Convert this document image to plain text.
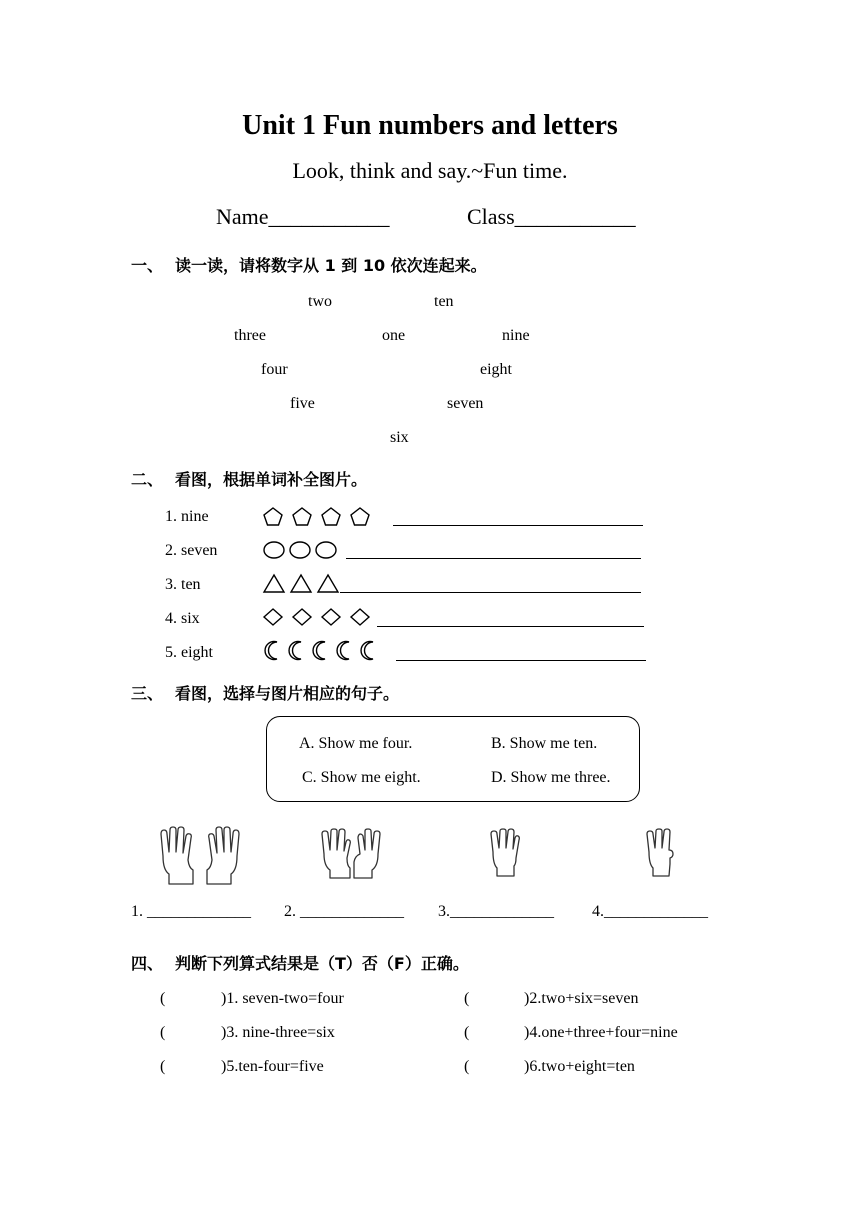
Unit 1 Fun numbers and letters
Look, think and say.~Fun time.
Name___________	Class___________
一、 读一读，请将数字从 1 到 10 依次连起来。
two	ten
three	one	nine
four	eight
five	seven
six
二、 看图，根据单词补全图片。
1. nine
2. seven
3. ten
4. six
5. eight
三、 看图，选择与图片相应的句子。
A. Show me four.	B. Show me ten.
C. Show me eight.	D. Show me three.
1. _____________ 2. _____________ 3._____________ 4._____________
四、 判断下列算式结果是（T）否（F）正确。
(	)1. seven-two=four	(	)2.two+six=seven
(	)3. nine-three=six	(	)4.one+three+four=nine
(	)5.ten-four=five	(	)6.two+eight=ten
